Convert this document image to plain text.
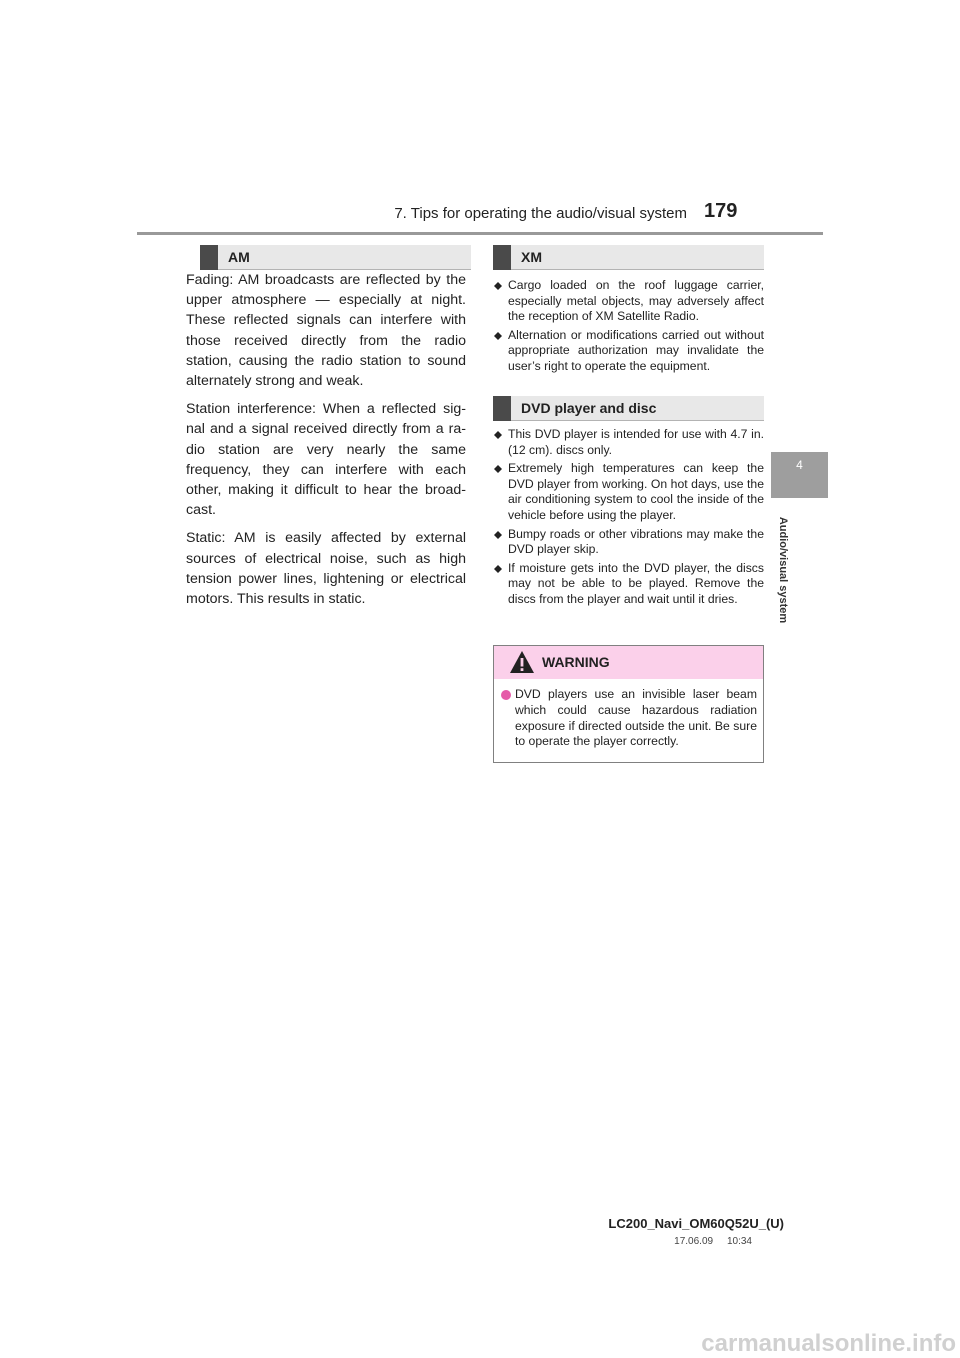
7. Tips for operating the audio/visual system 179
4
Audio/visual system
AM

Fading: AM broadcasts are reflected by the upper atmosphere — especially at night. These reflected signals can interfere with those received directly from the radio station, causing the radio station to sound alternately strong and weak.

Station interference: When a reflected sig- nal and a signal received directly from a ra- dio station are very nearly the same frequency, they can interfere with each other, making it difficult to hear the broad- cast.

Static: AM is easily affected by external sources of electrical noise, such as high tension power lines, lightening or electrical motors. This results in static.

XM
Cargo loaded on the roof luggage carrier, especially metal objects, may adversely affect the reception of XM Satellite Radio.
Alternation or modifications carried out without appropriate authorization may invalidate the user’s right to operate the equipment.
DVD player and disc
This DVD player is intended for use with 4.7 in. (12 cm). discs only.
Extremely high temperatures can keep the DVD player from working. On hot days, use the air conditioning system to cool the inside of the vehicle before using the player.
Bumpy roads or other vibrations may make the DVD player skip.
If moisture gets into the DVD player, the discs may not be able to be played. Remove the discs from the player and wait until it dries.
WARNING
DVD players use an invisible laser beam which could cause hazardous radiation exposure if directed outside the unit. Be sure to operate the player correctly.
LC200_Navi_OM60Q52U_(U)
17.06.09     10:34
carmanualsonline.info
